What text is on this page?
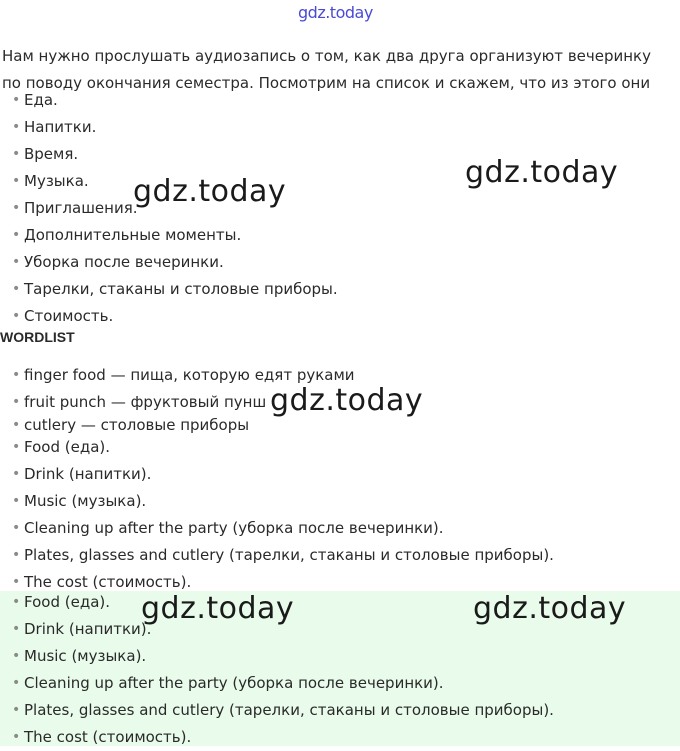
gdz.today

Нам нужно прослушать аудиозапись о том, как два друга организуют вечеринку по поводу окончания семестра. Посмотрим на список и скажем, что из этого они

• Еда.
• Напитки.
• Время.
• Музыка.
• Приглашения.
• Дополнительные моменты.
• Уборка после вечеринки.
• Тарелки, стаканы и столовые приборы.
• Стоимость.
WORDLIST
• finger food — пища, которую едят руками
• fruit punch — фруктовый пунш
• cutlery — столовые приборы
• Food (еда).
• Drink (напитки).
• Music (музыка).
• Cleaning up after the party (уборка после вечеринки).
• Plates, glasses and cutlery (тарелки, стаканы и столовые приборы).
• The cost (стоимость).
• Food (еда).
• Drink (напитки).
• Music (музыка).
• Cleaning up after the party (уборка после вечеринки).
• Plates, glasses and cutlery (тарелки, стаканы и столовые приборы).
• The cost (стоимость).
gdz.today
gdz.today
gdz.today
gdz.today	gdz.today
